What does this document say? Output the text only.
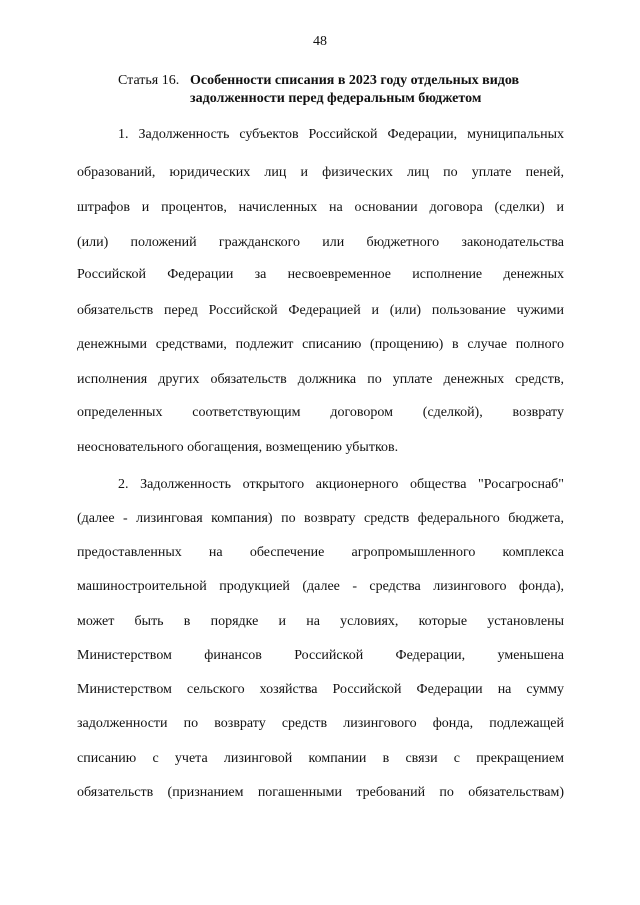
48
Статья 16. Особенности списания в 2023 году отдельных видов
задолженности перед федеральным бюджетом
1. Задолженность субъектов Российской Федерации, муниципальных
образований, юридических лиц и физических лиц по уплате пеней,
штрафов и процентов, начисленных на основании договора (сделки) и
(или) положений гражданского или бюджетного законодательства
Российской Федерации за несвоевременное исполнение денежных
обязательств перед Российской Федерацией и (или) пользование чужими
денежными средствами, подлежит списанию (прощению) в случае полного
исполнения других обязательств должника по уплате денежных средств,
определенных соответствующим договором (сделкой), возврату
неосновательного обогащения, возмещению убытков.
2. Задолженность открытого акционерного общества "Росагроснаб"
(далее - лизинговая компания) по возврату средств федерального бюджета,
предоставленных на обеспечение агропромышленного комплекса
машиностроительной продукцией (далее - средства лизингового фонда),
может быть в порядке и на условиях, которые установлены
Министерством финансов Российской Федерации, уменьшена
Министерством сельского хозяйства Российской Федерации на сумму
задолженности по возврату средств лизингового фонда, подлежащей
списанию с учета лизинговой компании в связи с прекращением
обязательств (признанием погашенными требований по обязательствам)
